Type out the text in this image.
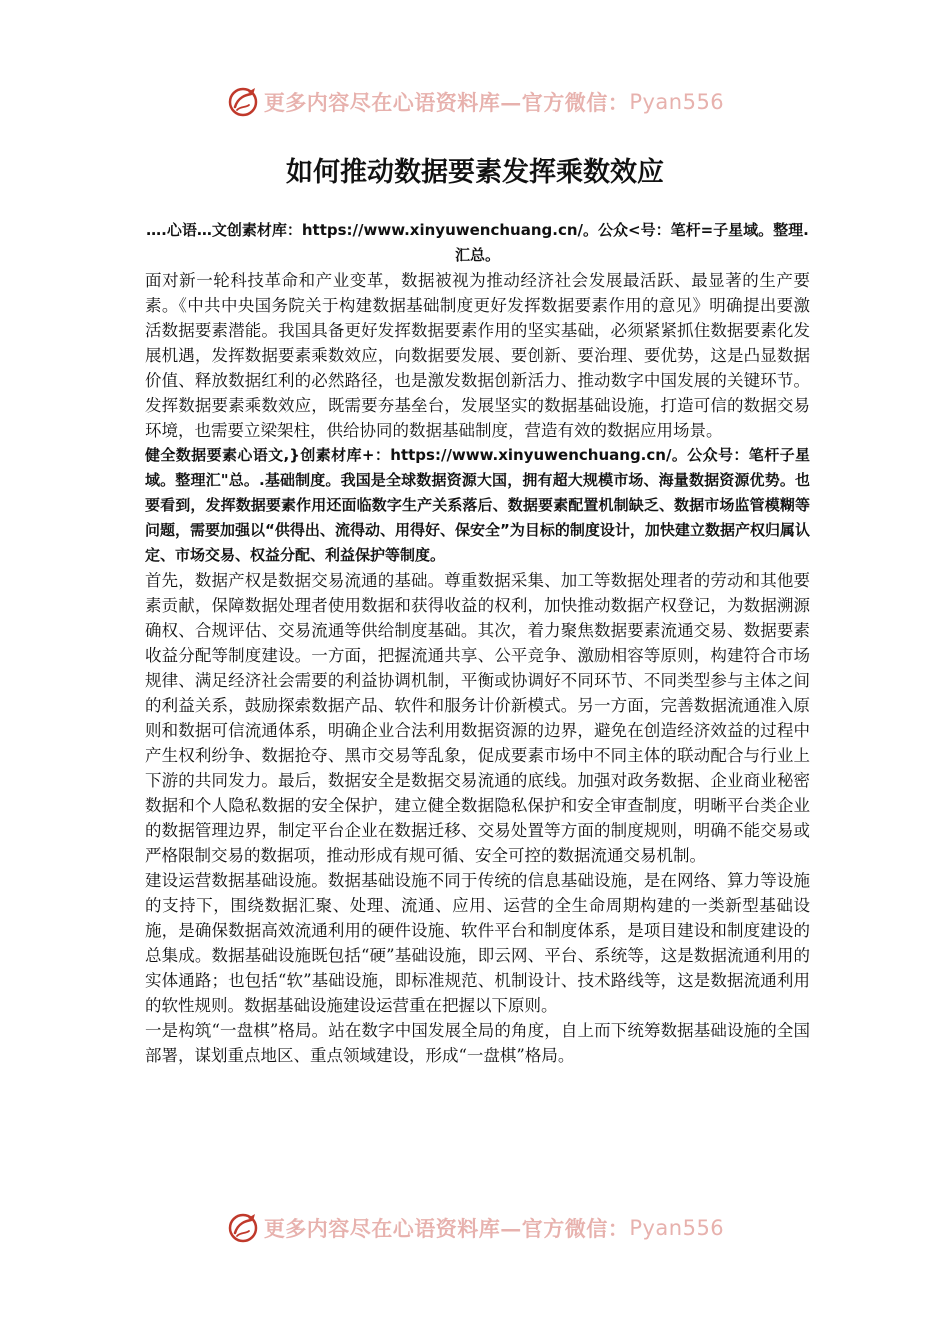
更多内容尽在心语资料库—官方微信： Pyan556
如何推动数据要素发挥乘数效应

….心语…文创素材库：https://www.xinyuwenchuang.cn/。公众<号：笔杆=子星域。整理.汇总。

面对新一轮科技革命和产业变革，数据被视为推动经济社会发展最活跃、最显著的生产要素。《中共中央国务院关于构建数据基础制度更好发挥数据要素作用的意见》明确提出要激活数据要素潜能。我国具备更好发挥数据要素作用的坚实基础，必须紧紧抓住数据要素化发展机遇，发挥数据要素乘数效应，向数据要发展、要创新、要治理、要优势，这是凸显数据价值、释放数据红利的必然路径，也是激发数据创新活力、推动数字中国发展的关键环节。发挥数据要素乘数效应，既需要夯基垒台，发展坚实的数据基础设施，打造可信的数据交易环境，也需要立梁架柱，供给协同的数据基础制度，营造有效的数据应用场景。

健全数据要素心语文,}创素材库+：https://www.xinyuwenchuang.cn/。公众号：笔杆子星域。整理汇"总。.基础制度。我国是全球数据资源大国，拥有超大规模市场、海量数据资源优势。也要看到，发挥数据要素作用还面临数字生产关系落后、数据要素配置机制缺乏、数据市场监管模糊等问题，需要加强以“供得出、流得动、用得好、保安全”为目标的制度设计，加快建立数据产权归属认定、市场交易、权益分配、利益保护等制度。

首先，数据产权是数据交易流通的基础。尊重数据采集、加工等数据处理者的劳动和其他要素贡献，保障数据处理者使用数据和获得收益的权利，加快推动数据产权登记，为数据溯源确权、合规评估、交易流通等供给制度基础。其次，着力聚焦数据要素流通交易、数据要素收益分配等制度建设。一方面，把握流通共享、公平竞争、激励相容等原则，构建符合市场规律、满足经济社会需要的利益协调机制，平衡或协调好不同环节、不同类型参与主体之间的利益关系，鼓励探索数据产品、软件和服务计价新模式。另一方面，完善数据流通准入原则和数据可信流通体系，明确企业合法利用数据资源的边界，避免在创造经济效益的过程中产生权利纷争、数据抢夺、黑市交易等乱象，促成要素市场中不同主体的联动配合与行业上下游的共同发力。最后，数据安全是数据交易流通的底线。加强对政务数据、企业商业秘密数据和个人隐私数据的安全保护，建立健全数据隐私保护和安全审查制度，明晰平台类企业的数据管理边界，制定平台企业在数据迁移、交易处置等方面的制度规则，明确不能交易或严格限制交易的数据项，推动形成有规可循、安全可控的数据流通交易机制。

建设运营数据基础设施。数据基础设施不同于传统的信息基础设施，是在网络、算力等设施的支持下，围绕数据汇聚、处理、流通、应用、运营的全生命周期构建的一类新型基础设施，是确保数据高效流通利用的硬件设施、软件平台和制度体系，是项目建设和制度建设的总集成。数据基础设施既包括“硬”基础设施，即云网、平台、系统等，这是数据流通利用的实体通路；也包括“软”基础设施，即标准规范、机制设计、技术路线等，这是数据流通利用的软性规则。数据基础设施建设运营重在把握以下原则。

一是构筑“一盘棋”格局。站在数字中国发展全局的角度，自上而下统筹数据基础设施的全国部署，谋划重点地区、重点领域建设，形成“一盘棋”格局。

更多内容尽在心语资料库—官方微信： Pyan556
